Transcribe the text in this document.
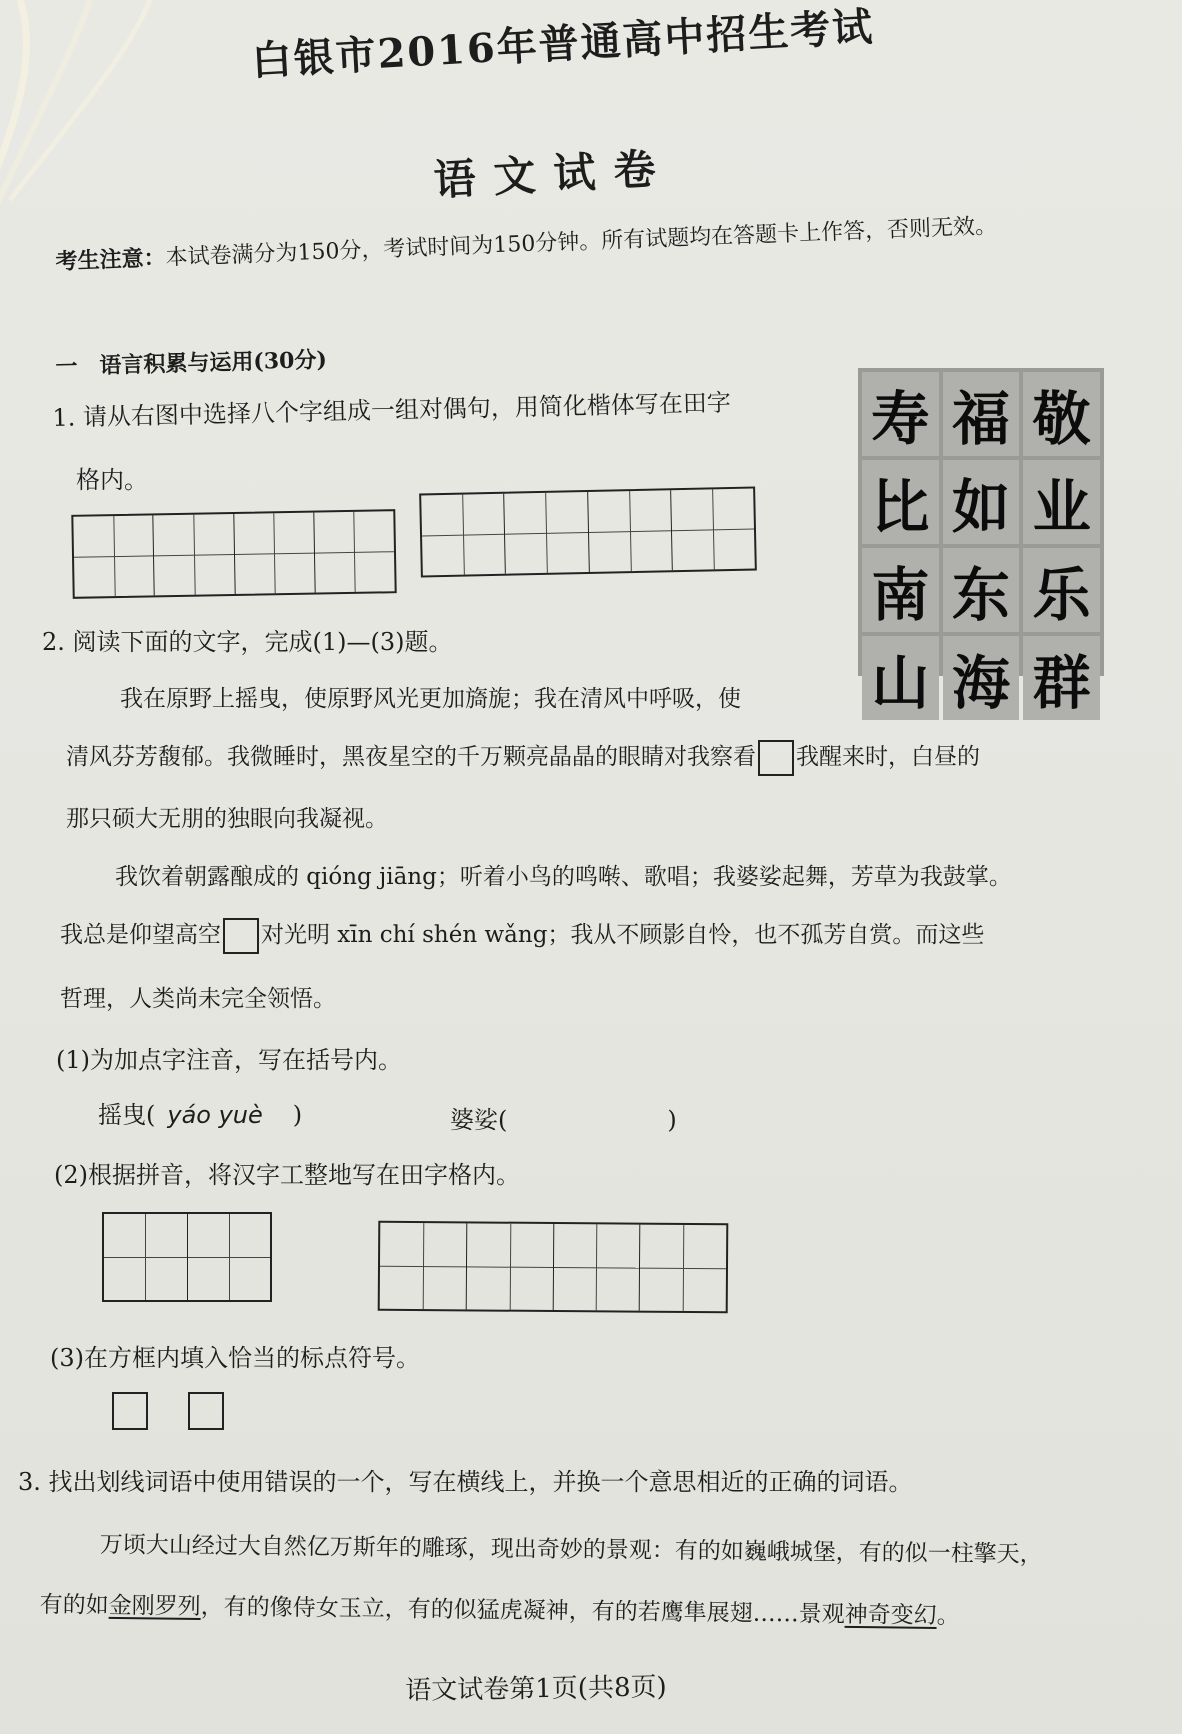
白银市2016年普通高中招生考试
语文试卷
考生注意：本试卷满分为150分，考试时间为150分钟。所有试题均在答题卡上作答，否则无效。
一　语言积累与运用(30分)
1. 请从右图中选择八个字组成一组对偶句，用简化楷体写在田字
格内。
寿 福 敬
比 如 业
南 东 乐
山 海 群
2. 阅读下面的文字，完成(1)—(3)题。
我在原野上摇曳，使原野风光更加旖旎；我在清风中呼吸，使
清风芬芳馥郁。我微睡时，黑夜星空的千万颗亮晶晶的眼睛对我察看 我醒来时，白昼的
那只硕大无朋的独眼向我凝视。
我饮着朝露酿成的 qióng jiāng；听着小鸟的鸣啭、歌唱；我婆娑起舞，芳草为我鼓掌。
我总是仰望高空 对光明 xīn chí shén wǎng；我从不顾影自怜，也不孤芳自赏。而这些
哲理，人类尚未完全领悟。
(1)为加点字注音，写在括号内。
摇曳( yáo yuè )	婆娑(	)
(2)根据拼音，将汉字工整地写在田字格内。
(3)在方框内填入恰当的标点符号。
3. 找出划线词语中使用错误的一个，写在横线上，并换一个意思相近的正确的词语。
万顷大山经过大自然亿万斯年的雕琢，现出奇妙的景观：有的如巍峨城堡，有的似一柱擎天，
有的如金刚罗列，有的像侍女玉立，有的似猛虎凝神，有的若鹰隼展翅……景观神奇变幻。
语文试卷第1页(共8页)
